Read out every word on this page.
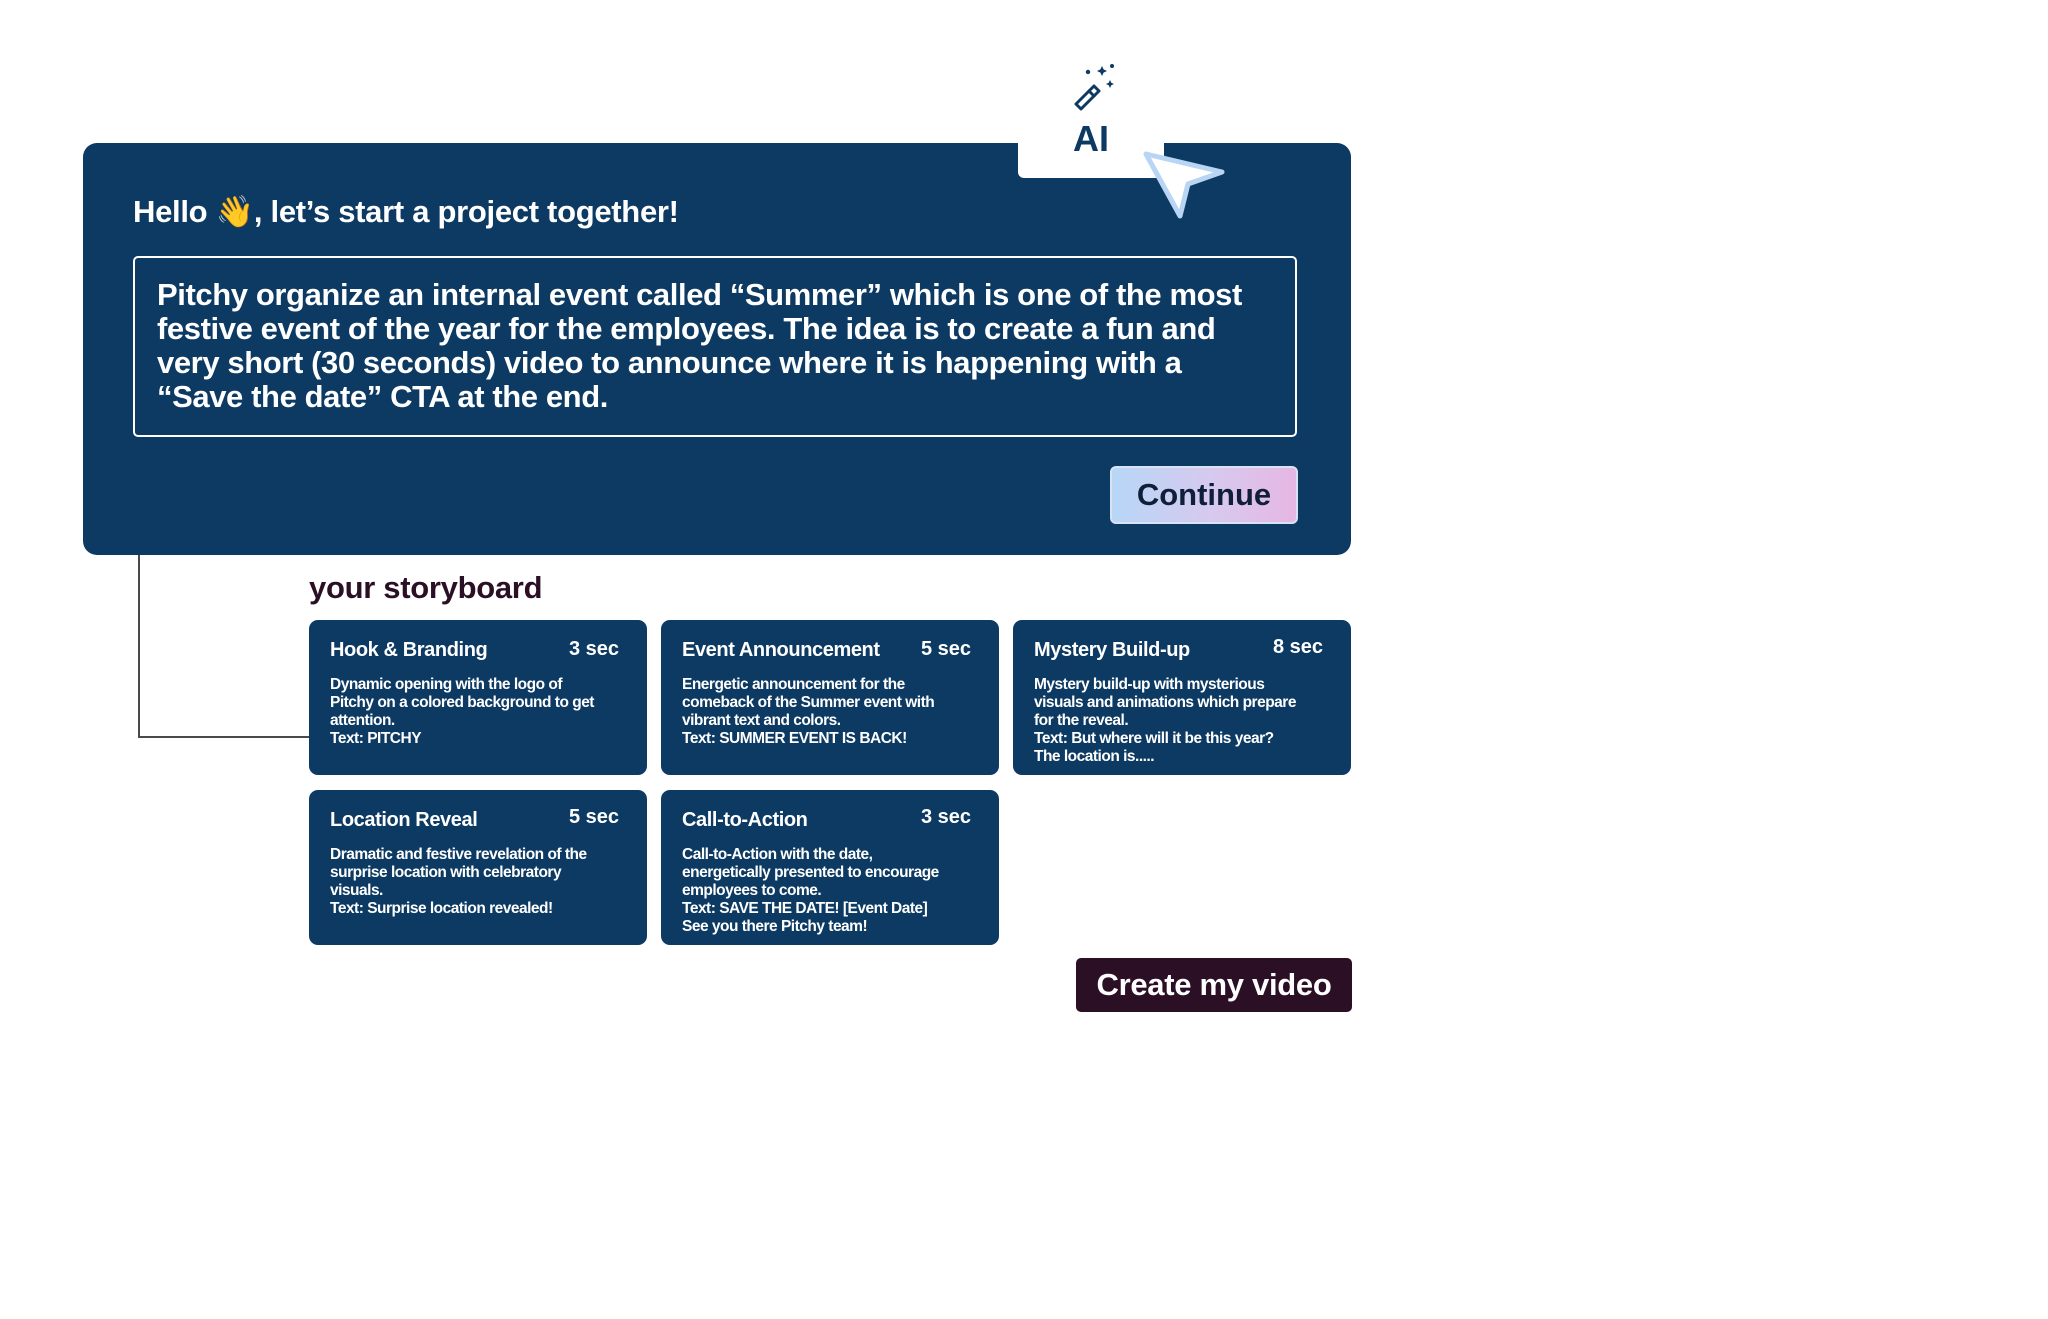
Hello 👋, let’s start a project together!
Pitchy organize an internal event called “Summer” which is one of the most festive event of the year for the employees. The idea is to create a fun and very short (30 seconds) video to announce where it is happening with a “Save the date” CTA at the end.
Continue
AI
your storyboard
Hook & Branding	3 sec
Dynamic opening with the logo of
Pitchy on a colored background to get
attention.
Text: PITCHY
Event Announcement 5 sec
Energetic announcement for the
comeback of the Summer event with
vibrant text and colors.
Text: SUMMER EVENT IS BACK!
Mystery Build-up	8 sec
Mystery build-up with mysterious
visuals and animations which prepare
for the reveal.
Text: But where will it be this year?
The location is.....
Location Reveal	5 sec
Dramatic and festive revelation of the
surprise location with celebratory
visuals.
Text: Surprise location revealed!
Call-to-Action	3 sec
Call-to-Action with the date,
energetically presented to encourage
employees to come.
Text: SAVE THE DATE! [Event Date]
See you there Pitchy team!
Create my video
